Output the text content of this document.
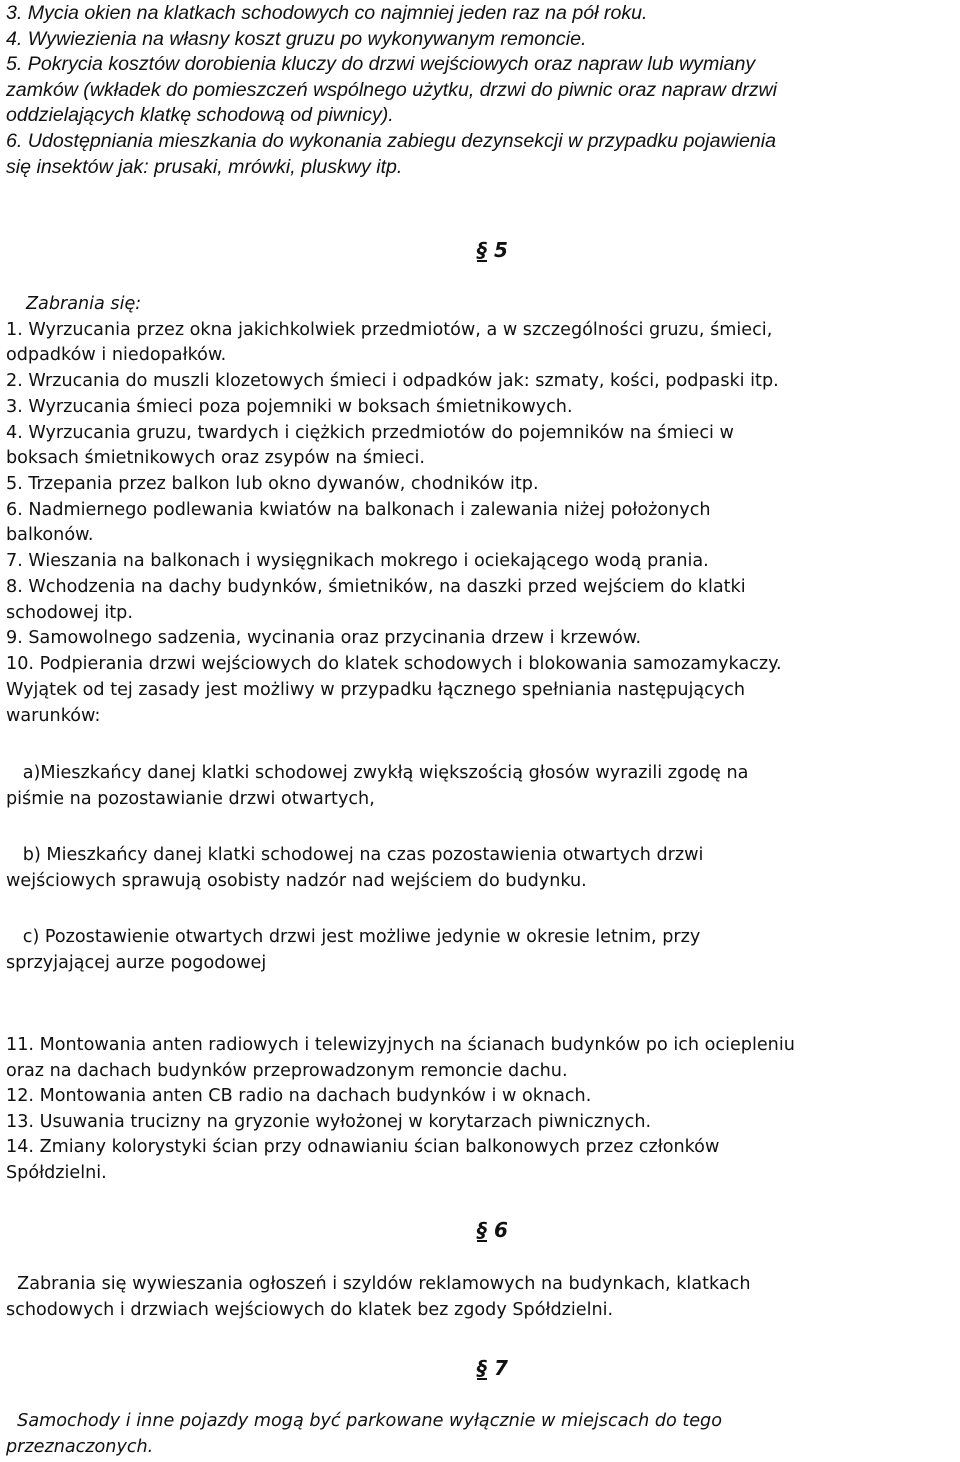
3. Mycia okien na klatkach schodowych co najmniej jeden raz na pół roku.
4. Wywiezienia na własny koszt gruzu po wykonywanym remoncie.
5. Pokrycia kosztów dorobienia kluczy do drzwi wejściowych oraz napraw lub wymiany
zamków (wkładek do pomieszczeń wspólnego użytku, drzwi do piwnic oraz napraw drzwi
oddzielających klatkę schodową od piwnicy).
6. Udostępniania mieszkania do wykonania zabiegu dezynsekcji w przypadku pojawienia
się insektów jak: prusaki, mrówki, pluskwy itp.
§ 5
Zabrania się:
1. Wyrzucania przez okna jakichkolwiek przedmiotów, a w szczególności gruzu, śmieci,
odpadków i niedopałków.
2. Wrzucania do muszli klozetowych śmieci i odpadków jak: szmaty, kości, podpaski itp.
3. Wyrzucania śmieci poza pojemniki w boksach śmietnikowych.
4. Wyrzucania gruzu, twardych i ciężkich przedmiotów do pojemników na śmieci w
boksach śmietnikowych oraz zsypów na śmieci.
5. Trzepania przez balkon lub okno dywanów, chodników itp.
6. Nadmiernego podlewania kwiatów na balkonach i zalewania niżej położonych
balkonów.
7. Wieszania na balkonach i wysięgnikach mokrego i ociekającego wodą prania.
8. Wchodzenia na dachy budynków, śmietników, na daszki przed wejściem do klatki
schodowej itp.
9. Samowolnego sadzenia, wycinania oraz przycinania drzew i krzewów.
10. Podpierania drzwi wejściowych do klatek schodowych i blokowania samozamykaczy.
Wyjątek od tej zasady jest możliwy w przypadku łącznego spełniania następujących
warunków:
a)Mieszkańcy danej klatki schodowej zwykłą większością głosów wyrazili zgodę na
piśmie na pozostawianie drzwi otwartych,
b) Mieszkańcy danej klatki schodowej na czas pozostawienia otwartych drzwi
wejściowych sprawują osobisty nadzór nad wejściem do budynku.
c) Pozostawienie otwartych drzwi jest możliwe jedynie w okresie letnim, przy
sprzyjającej aurze pogodowej
11. Montowania anten radiowych i telewizyjnych na ścianach budynków po ich ociepleniu
oraz na dachach budynków przeprowadzonym remoncie dachu.
12. Montowania anten CB radio na dachach budynków i w oknach.
13. Usuwania trucizny na gryzonie wyłożonej w korytarzach piwnicznych.
14. Zmiany kolorystyki ścian przy odnawianiu ścian balkonowych przez członków
Spółdzielni.
§ 6
Zabrania się wywieszania ogłoszeń i szyldów reklamowych na budynkach, klatkach
schodowych i drzwiach wejściowych do klatek bez zgody Spółdzielni.
§ 7
Samochody i inne pojazdy mogą być parkowane wyłącznie w miejscach do tego
przeznaczonych.
